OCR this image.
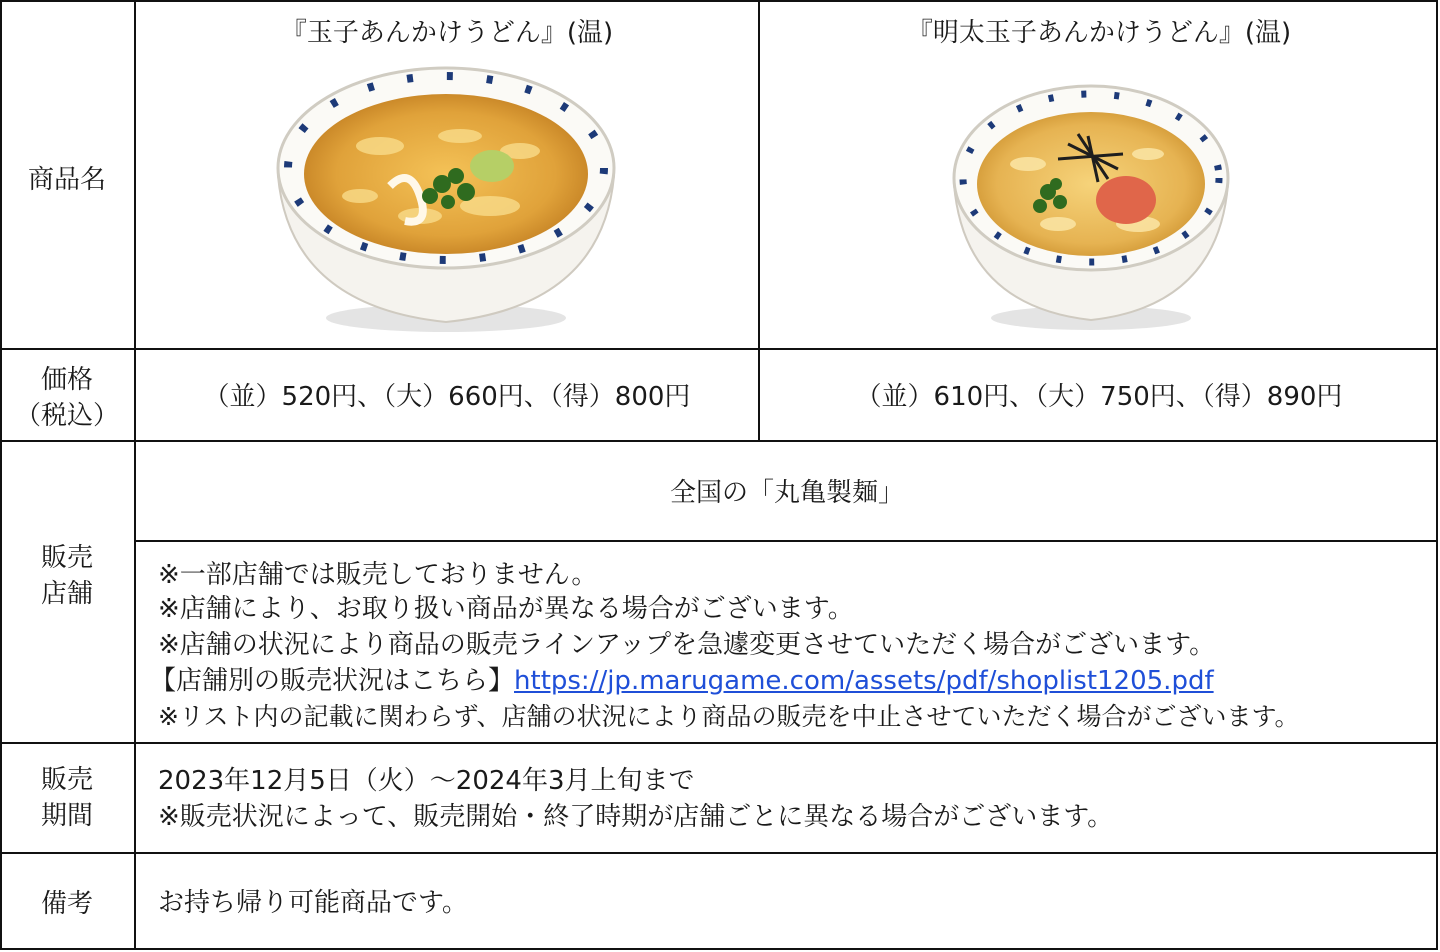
商品名
価格
（税込）
販売
店舗
販売
期間
備考
『玉子あんかけうどん』(温)	『明太玉子あんかけうどん』(温)
（並）520円、（大）660円、（得）800円	（並）610円、（大）750円、（得）890円
全国の「丸亀製麺」
※一部店舗では販売しておりません。
※店舗により、お取り扱い商品が異なる場合がございます。
※店舗の状況により商品の販売ラインアップを急遽変更させていただく場合がございます。
【店舗別の販売状況はこちら】https://jp.marugame.com/assets/pdf/shoplist1205.pdf
※リスト内の記載に関わらず、店舗の状況により商品の販売を中止させていただく場合がございます。
2023年12月5日（火）～2024年3月上旬まで
※販売状況によって、販売開始・終了時期が店舗ごとに異なる場合がございます。
お持ち帰り可能商品です。
